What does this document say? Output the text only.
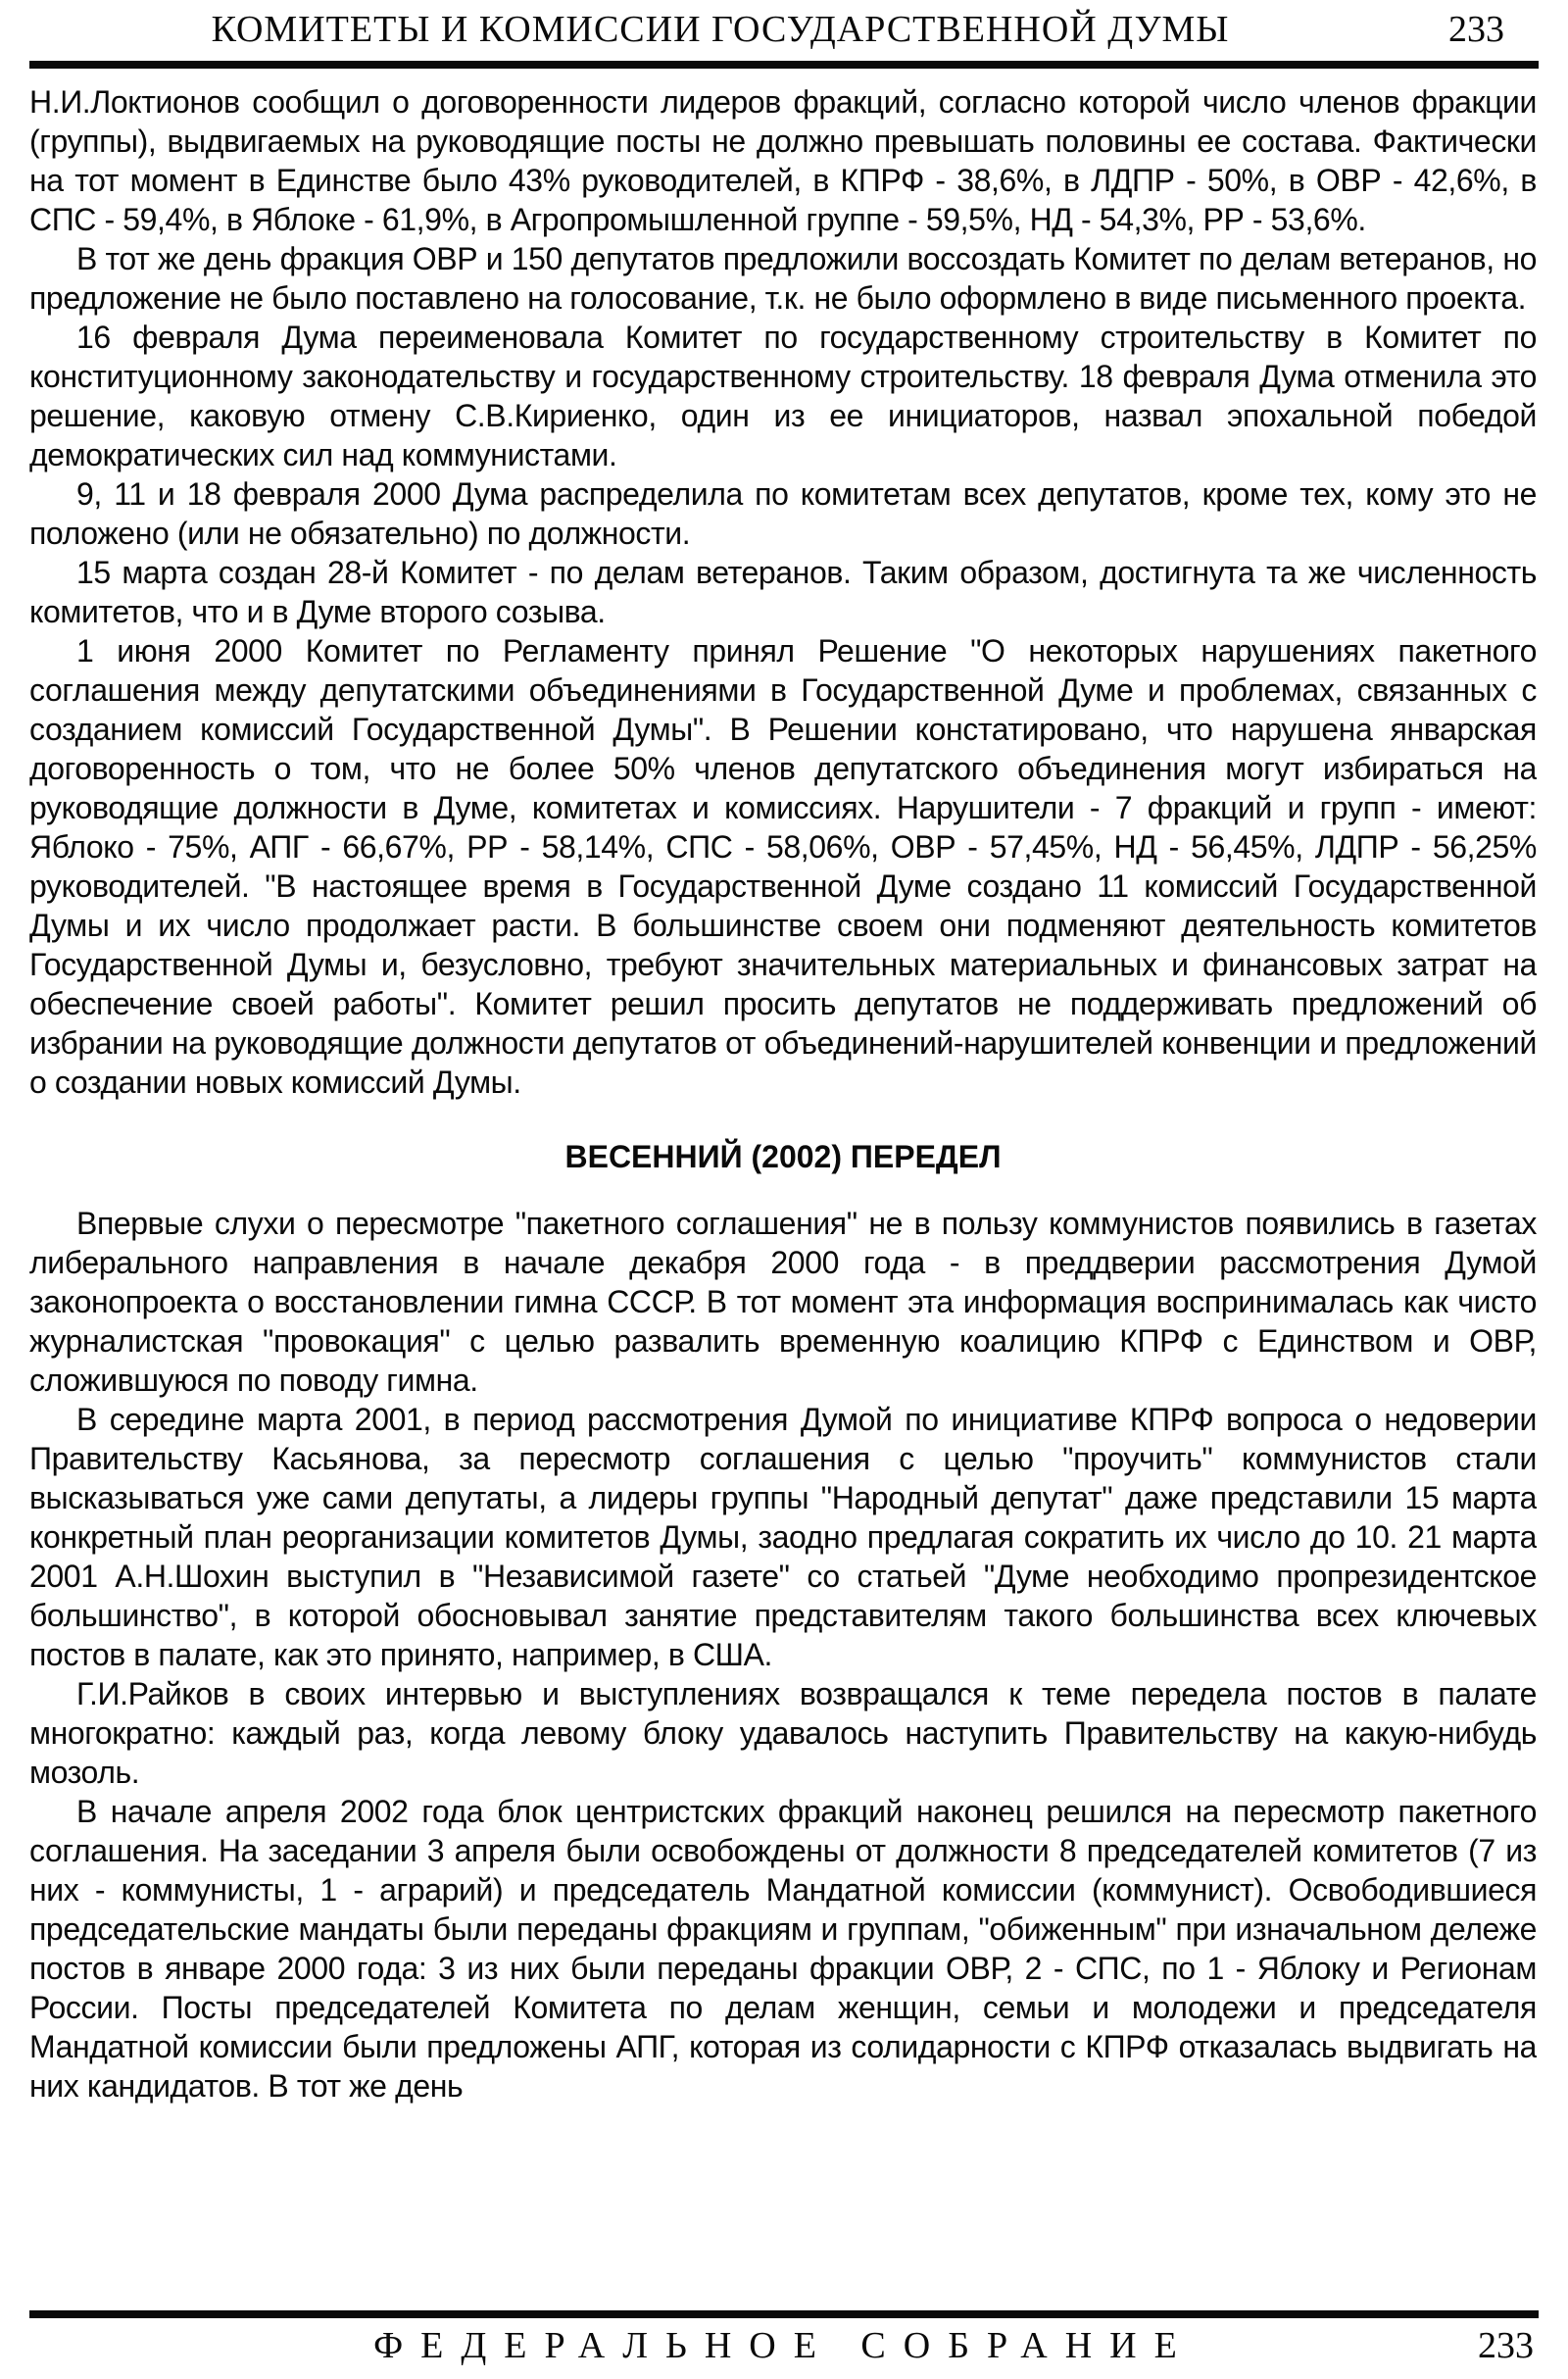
КОМИТЕТЫ И КОМИССИИ ГОСУДАРСТВЕННОЙ ДУМЫ	233

Н.И.Локтионов сообщил о договоренности лидеров фракций, согласно которой число членов фракции (группы), выдвигаемых на руководящие посты не должно превышать половины ее состава. Фактически на тот момент в Единстве было 43% руководителей, в КПРФ - 38,6%, в ЛДПР - 50%, в ОВР - 42,6%, в СПС - 59,4%, в Яблоке - 61,9%, в Агропромышленной группе - 59,5%, НД - 54,3%, РР - 53,6%.

В тот же день фракция ОВР и 150 депутатов предложили воссоздать Комитет по делам ветеранов, но предложение не было поставлено на голосование, т.к. не было оформлено в виде письменного проекта.

16 февраля Дума переименовала Комитет по государственному строительству в Комитет по конституционному законодательству и государственному строительству. 18 февраля Дума отменила это решение, каковую отмену С.В.Кириенко, один из ее инициаторов, назвал эпохальной победой демократических сил над коммунистами.

9, 11 и 18 февраля 2000 Дума распределила по комитетам всех депутатов, кроме тех, кому это не положено (или не обязательно) по должности.

15 марта создан 28-й Комитет - по делам ветеранов. Таким образом, достигнута та же численность комитетов, что и в Думе второго созыва.

1 июня 2000 Комитет по Регламенту принял Решение "О некоторых нарушениях пакетного соглашения между депутатскими объединениями в Государственной Думе и проблемах, связанных с созданием комиссий Государственной Думы". В Решении констатировано, что нарушена январская договоренность о том, что не более 50% членов депутатского объединения могут избираться на руководящие должности в Думе, комитетах и комиссиях. Нарушители - 7 фракций и групп - имеют: Яблоко - 75%, АПГ - 66,67%, РР - 58,14%, СПС - 58,06%, ОВР - 57,45%, НД - 56,45%, ЛДПР - 56,25% руководителей. "В настоящее время в Государственной Думе создано 11 комиссий Государственной Думы и их число продолжает расти. В большинстве своем они подменяют деятельность комитетов Государственной Думы и, безусловно, требуют значительных материальных и финансовых затрат на обеспечение своей работы". Комитет решил просить депутатов не поддерживать предложений об избрании на руководящие должности депутатов от объединений-нарушителей конвенции и предложений о создании новых комиссий Думы.

ВЕСЕННИЙ (2002) ПЕРЕДЕЛ

Впервые слухи о пересмотре "пакетного соглашения" не в пользу коммунистов появились в газетах либерального направления в начале декабря 2000 года - в преддверии рассмотрения Думой законопроекта о восстановлении гимна СССР. В тот момент эта информация воспринималась как чисто журналистская "провокация" с целью развалить временную коалицию КПРФ с Единством и ОВР, сложившуюся по поводу гимна.

В середине марта 2001, в период рассмотрения Думой по инициативе КПРФ вопроса о недоверии Правительству Касьянова, за пересмотр соглашения с целью "проучить" коммунистов стали высказываться уже сами депутаты, а лидеры группы "Народный депутат" даже представили 15 марта конкретный план реорганизации комитетов Думы, заодно предлагая сократить их число до 10. 21 марта 2001 А.Н.Шохин выступил в "Независимой газете" со статьей "Думе необходимо пропрезидентское большинство", в которой обосновывал занятие представителям такого большинства всех ключевых постов в палате, как это принято, например, в США.

Г.И.Райков в своих интервью и выступлениях возвращался к теме передела постов в палате многократно: каждый раз, когда левому блоку удавалось наступить Правительству на какую-нибудь мозоль.

В начале апреля 2002 года блок центристских фракций наконец решился на пересмотр пакетного соглашения. На заседании 3 апреля были освобождены от должности 8 председателей комитетов (7 из них - коммунисты, 1 - аграрий) и председатель Мандатной комиссии (коммунист). Освободившиеся председательские мандаты были переданы фракциям и группам, "обиженным" при изначальном дележе постов в январе 2000 года: 3 из них были переданы фракции ОВР, 2 - СПС, по 1 - Яблоку и Регионам России. Посты председателей Комитета по делам женщин, семьи и молодежи и председателя Мандатной комиссии были предложены АПГ, которая из солидарности с КПРФ отказалась выдвигать на них кандидатов. В тот же день

ФЕДЕРАЛЬНОЕ СОБРАНИЕ	233
